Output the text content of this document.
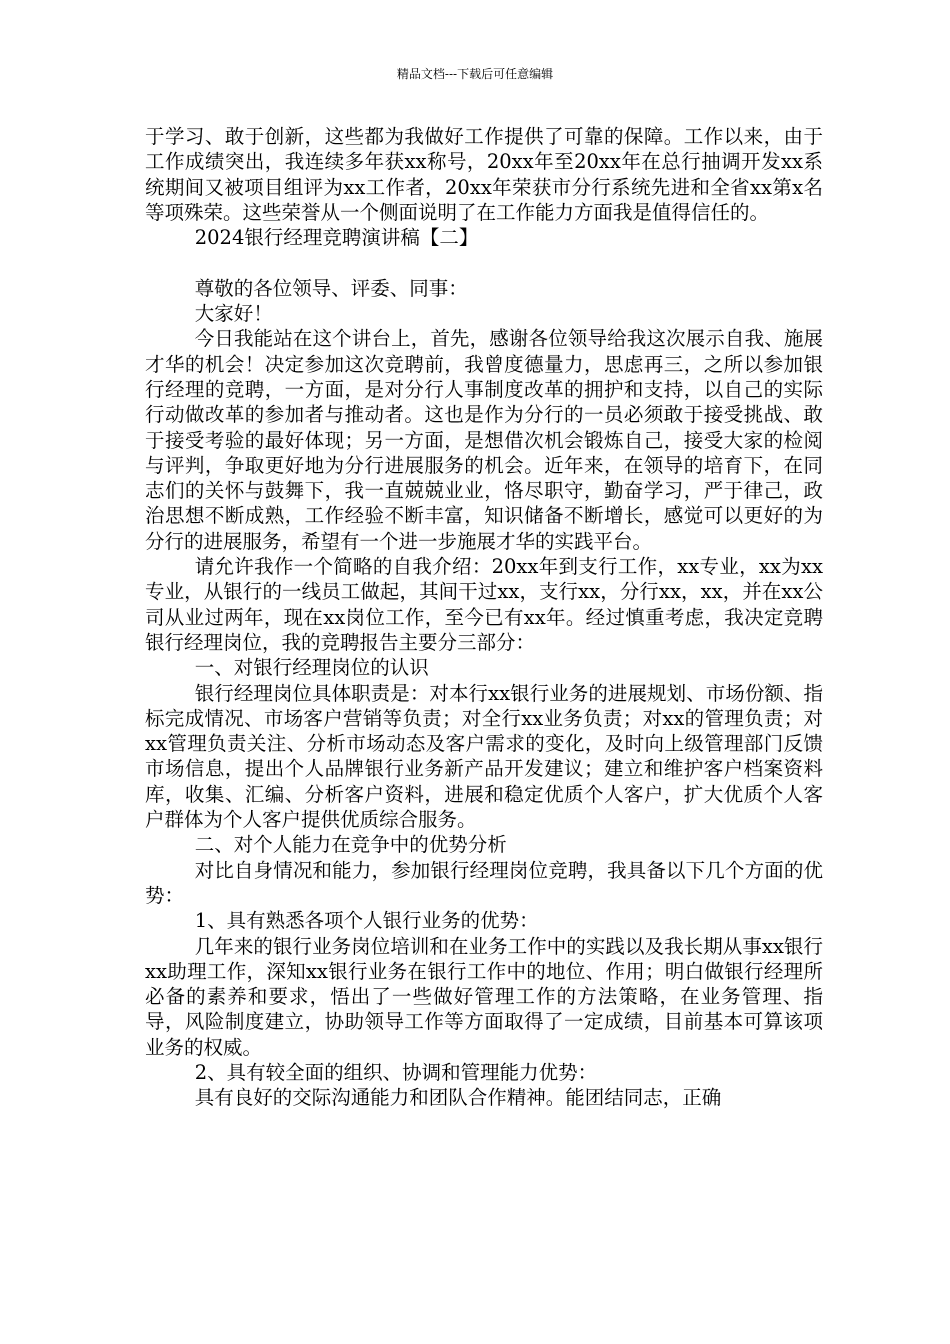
精品文档---下载后可任意编辑

于学习、敢于创新，这些都为我做好工作提供了可靠的保障。工作以来，由于工作成绩突出，我连续多年获xx称号，20xx年至20xx年在总行抽调开发xx系统期间又被项目组评为xx工作者，20xx年荣获市分行系统先进和全省xx第x名等项殊荣。这些荣誉从一个侧面说明了在工作能力方面我是值得信任的。

2024银行经理竞聘演讲稿【二】

尊敬的各位领导、评委、同事：

大家好！

今日我能站在这个讲台上，首先，感谢各位领导给我这次展示自我、施展才华的机会！决定参加这次竞聘前，我曾度德量力，思虑再三，之所以参加银行经理的竞聘，一方面，是对分行人事制度改革的拥护和支持，以自己的实际行动做改革的参加者与推动者。这也是作为分行的一员必须敢于接受挑战、敢于接受考验的最好体现；另一方面，是想借次机会锻炼自己，接受大家的检阅与评判，争取更好地为分行进展服务的机会。近年来，在领导的培育下，在同志们的关怀与鼓舞下，我一直兢兢业业，恪尽职守，勤奋学习，严于律己，政治思想不断成熟，工作经验不断丰富，知识储备不断增长，感觉可以更好的为分行的进展服务，希望有一个进一步施展才华的实践平台。

请允许我作一个简略的自我介绍：20xx年到支行工作，xx专业，xx为xx专业，从银行的一线员工做起，其间干过xx，支行xx，分行xx，xx，并在xx公司从业过两年，现在xx岗位工作，至今已有xx年。经过慎重考虑，我决定竞聘银行经理岗位，我的竞聘报告主要分三部分：

一、对银行经理岗位的认识

银行经理岗位具体职责是：对本行xx银行业务的进展规划、市场份额、指标完成情况、市场客户营销等负责；对全行xx业务负责；对xx的管理负责；对xx管理负责关注、分析市场动态及客户需求的变化，及时向上级管理部门反馈市场信息，提出个人品牌银行业务新产品开发建议；建立和维护客户档案资料库，收集、汇编、分析客户资料，进展和稳定优质个人客户，扩大优质个人客户群体为个人客户提供优质综合服务。

二、对个人能力在竞争中的优势分析

对比自身情况和能力，参加银行经理岗位竞聘，我具备以下几个方面的优势：

1、具有熟悉各项个人银行业务的优势：

几年来的银行业务岗位培训和在业务工作中的实践以及我长期从事xx银行xx助理工作，深知xx银行业务在银行工作中的地位、作用；明白做银行经理所必备的素养和要求，悟出了一些做好管理工作的方法策略，在业务管理、指导，风险制度建立，协助领导工作等方面取得了一定成绩，目前基本可算该项业务的权威。

2、具有较全面的组织、协调和管理能力优势：

具有良好的交际沟通能力和团队合作精神。能团结同志，正确
